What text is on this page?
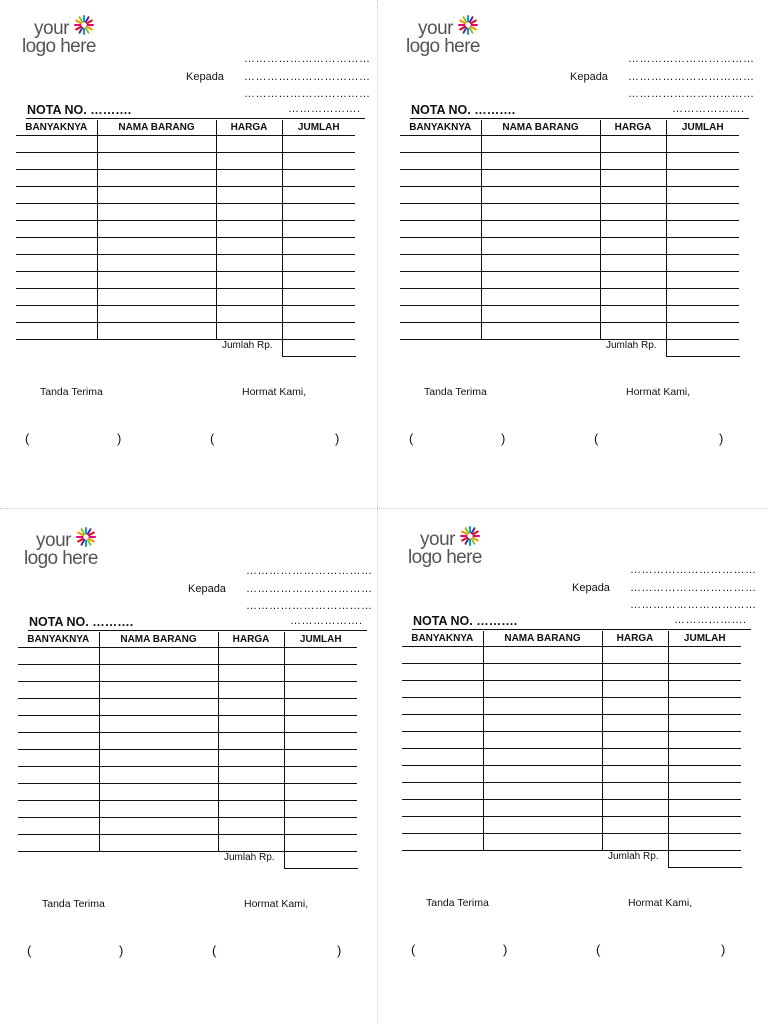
your
logo here
……………………………
Kepada ……………………………
……………………………
NOTA NO. ……….	……………….
BANYAKNYA	NAMA BARANG	HARGA	JUMLAH

Jumlah Rp.
Tanda Terima	Hormat Kami,
(	)	(	)
your
logo here
……………………………
Kepada ……………………………
……………………………
NOTA NO. ……….	……………….
BANYAKNYA	NAMA BARANG	HARGA	JUMLAH

Jumlah Rp.
Tanda Terima	Hormat Kami,
(	)	(	)
your
logo here
……………………………
Kepada ……………………………
……………………………
NOTA NO. ……….	……………….
BANYAKNYA	NAMA BARANG	HARGA	JUMLAH

Jumlah Rp.
Tanda Terima	Hormat Kami,
(	)	(	)
your
logo here
……………………………
Kepada ……………………………
……………………………
NOTA NO. ……….	……………….
BANYAKNYA	NAMA BARANG	HARGA	JUMLAH

Jumlah Rp.
Tanda Terima	Hormat Kami,
(	)	(	)
